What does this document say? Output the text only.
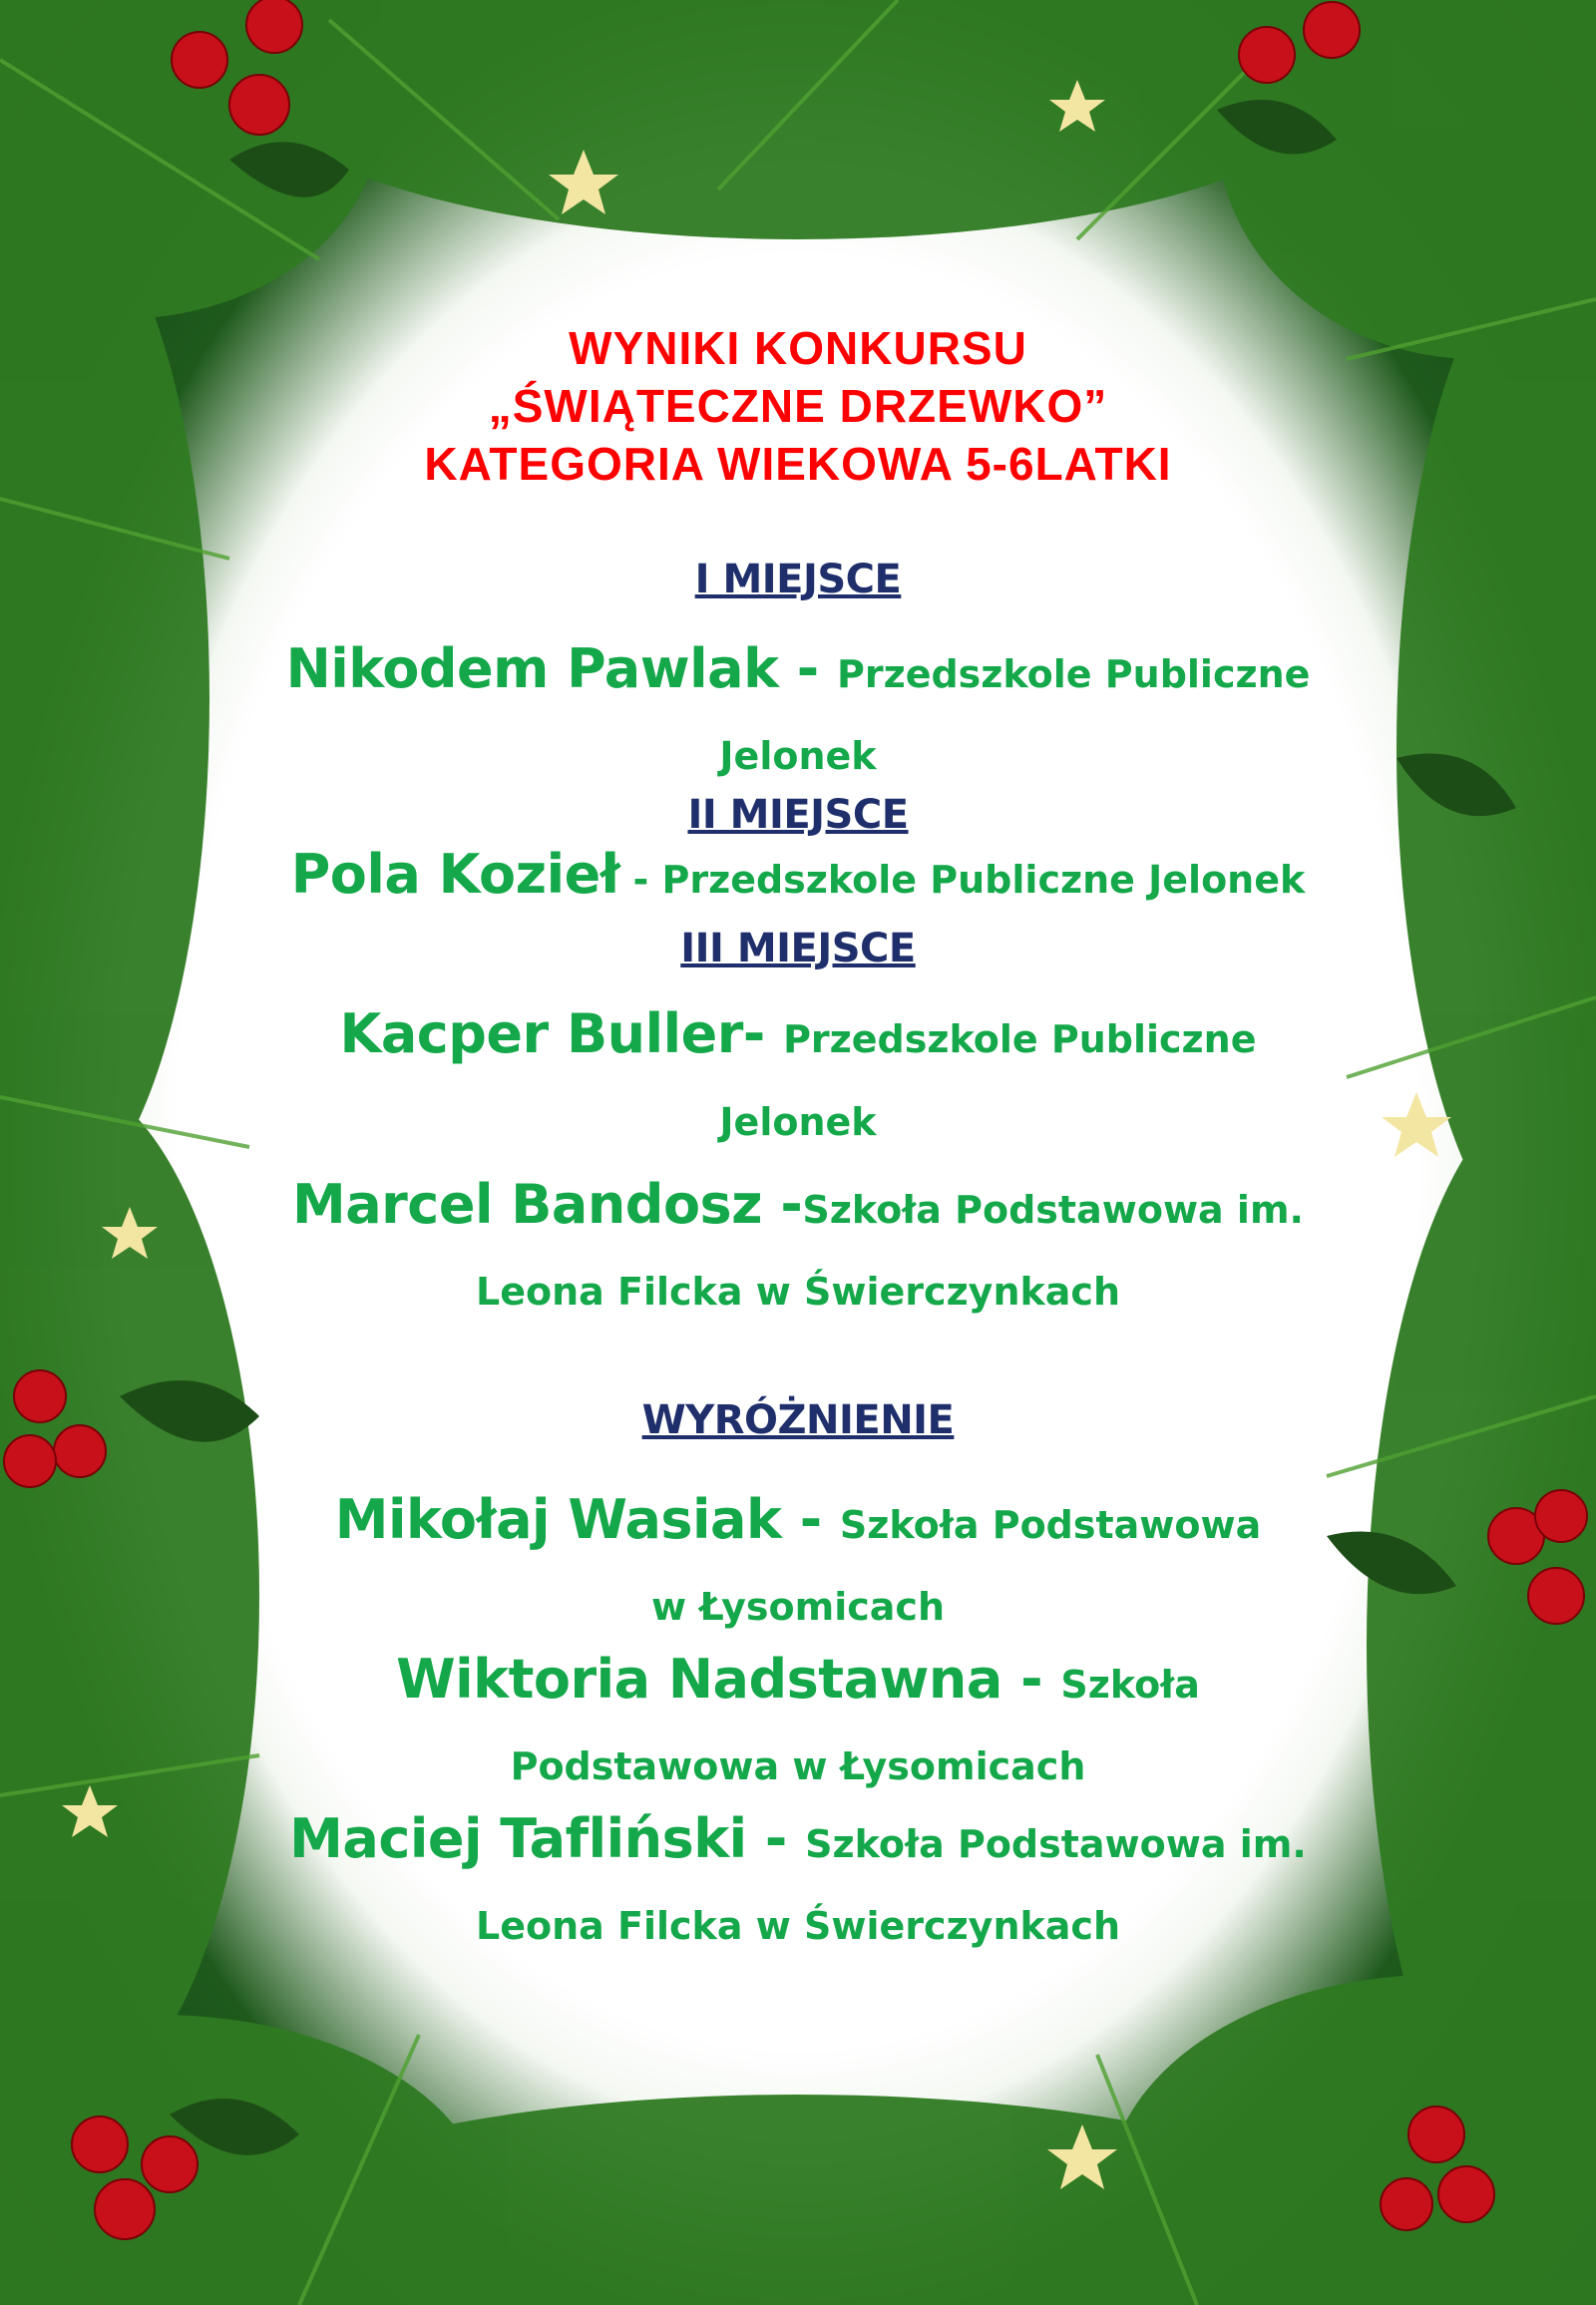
WYNIKI KONKURSU
„ŚWIĄTECZNE DRZEWKO”
KATEGORIA WIEKOWA 5-6LATKI
I MIEJSCE
Nikodem Pawlak - Przedszkole Publiczne
Jelonek
II MIEJSCE
Pola Kozieł - Przedszkole Publiczne Jelonek
III MIEJSCE
Kacper Buller- Przedszkole Publiczne Jelonek
Marcel Bandosz -Szkoła Podstawowa im.
Leona Filcka w Świerczynkach
WYRÓŻNIENIE
Mikołaj Wasiak - Szkoła Podstawowa
w Łysomicach
Wiktoria Nadstawna - Szkoła
Podstawowa w Łysomicach
Maciej Tafliński - Szkoła Podstawowa im.
Leona Filcka w Świerczynkach
